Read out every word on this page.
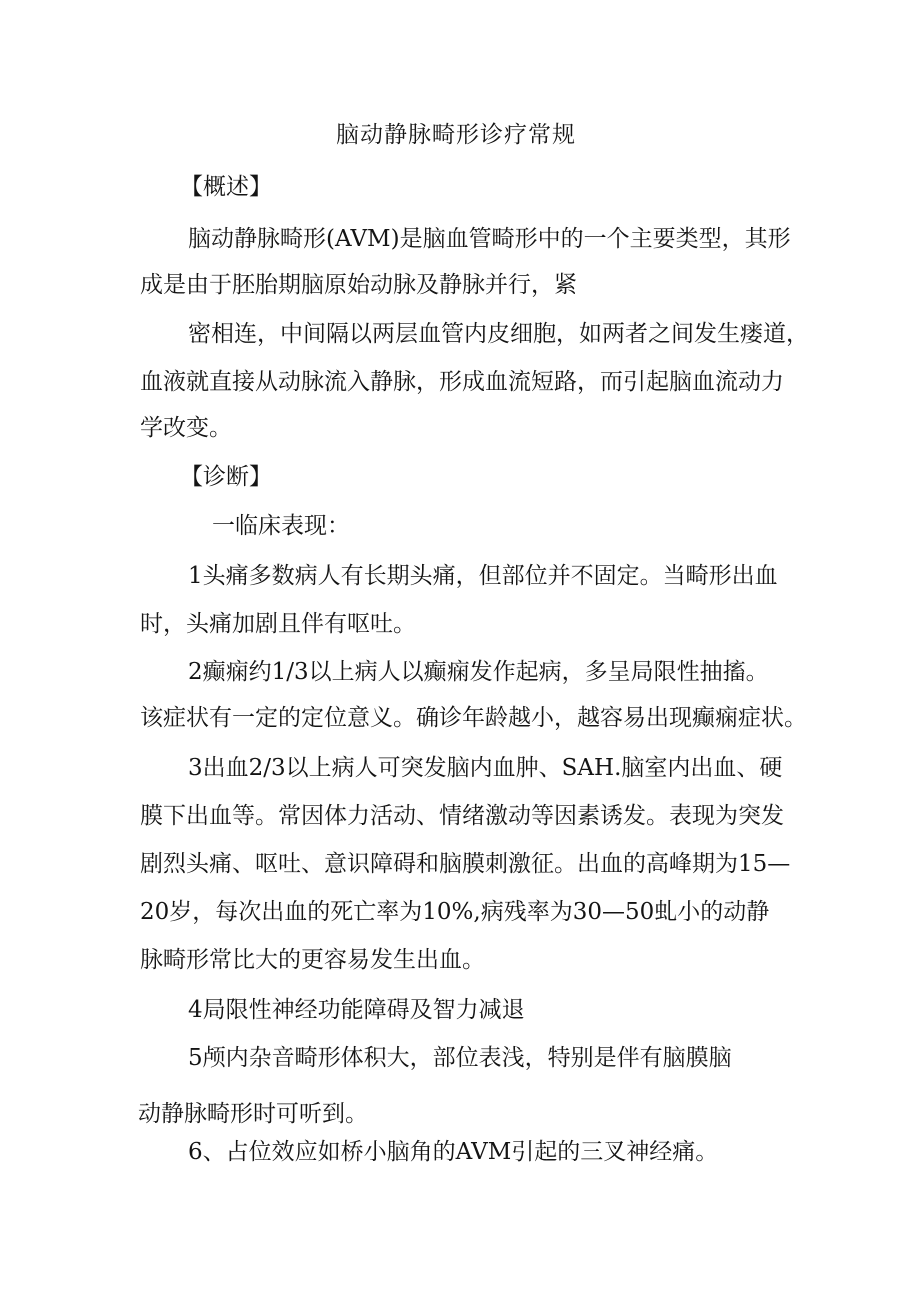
脑动静脉畸形诊疗常规
【概述】
脑动静脉畸形(AVM)是脑血管畸形中的一个主要类型，其形
成是由于胚胎期脑原始动脉及静脉并行，紧
密相连，中间隔以两层血管内皮细胞，如两者之间发生瘘道，
血液就直接从动脉流入静脉，形成血流短路，而引起脑血流动力
学改变。
【诊断】
一临床表现：
1头痛多数病人有长期头痛，但部位并不固定。当畸形出血
时，头痛加剧且伴有呕吐。
2癫痫约1/3以上病人以癫痫发作起病，多呈局限性抽搐。
该症状有一定的定位意义。确诊年龄越小，越容易出现癫痫症状。
3出血2/3以上病人可突发脑内血肿、SAH.脑室内出血、硬
膜下出血等。常因体力活动、情绪激动等因素诱发。表现为突发
剧烈头痛、呕吐、意识障碍和脑膜刺激征。出血的高峰期为15—
20岁，每次出血的死亡率为10%,病残率为30—50虬小的动静
脉畸形常比大的更容易发生出血。
4局限性神经功能障碍及智力减退
5颅内杂音畸形体积大，部位表浅，特别是伴有脑膜脑
动静脉畸形时可听到。
6、占位效应如桥小脑角的AVM引起的三叉神经痛。
